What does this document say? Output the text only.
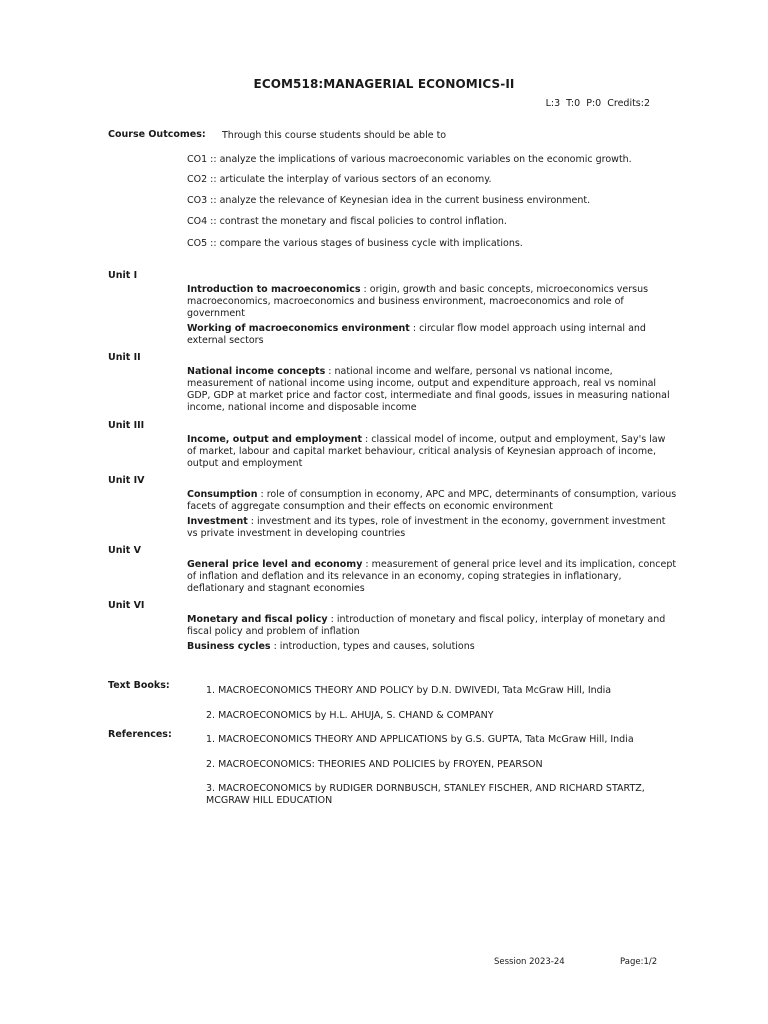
ECOM518:MANAGERIAL ECONOMICS-II
L:3 T:0 P:0 Credits:2
Course Outcomes: Through this course students should be able to
CO1 :: analyze the implications of various macroeconomic variables on the economic growth.
CO2 :: articulate the interplay of various sectors of an economy.
CO3 :: analyze the relevance of Keynesian idea in the current business environment.
CO4 :: contrast the monetary and fiscal policies to control inflation.
CO5 :: compare the various stages of business cycle with implications.
Unit I

Introduction to macroeconomics : origin, growth and basic concepts, microeconomics versus macroeconomics, macroeconomics and business environment, macroeconomics and role of government

Working of macroeconomics environment : circular flow model approach using internal and external sectors

Unit II

National income concepts : national income and welfare, personal vs national income, measurement of national income using income, output and expenditure approach, real vs nominal GDP, GDP at market price and factor cost, intermediate and final goods, issues in measuring national income, national income and disposable income

Unit III

Income, output and employment : classical model of income, output and employment, Say's law of market, labour and capital market behaviour, critical analysis of Keynesian approach of income, output and employment

Unit IV

Consumption : role of consumption in economy, APC and MPC, determinants of consumption, various facets of aggregate consumption and their effects on economic environment

Investment : investment and its types, role of investment in the economy, government investment vs private investment in developing countries

Unit V

General price level and economy : measurement of general price level and its implication, concept of inflation and deflation and its relevance in an economy, coping strategies in inflationary, deflationary and stagnant economies

Unit VI

Monetary and fiscal policy : introduction of monetary and fiscal policy, interplay of monetary and fiscal policy and problem of inflation

Business cycles : introduction, types and causes, solutions

Text Books:	1. MACROECONOMICS THEORY AND POLICY by D.N. DWIVEDI, Tata McGraw Hill, India
2. MACROECONOMICS by H.L. AHUJA, S. CHAND & COMPANY
References:	1. MACROECONOMICS THEORY AND APPLICATIONS by G.S. GUPTA, Tata McGraw Hill, India
2. MACROECONOMICS: THEORIES AND POLICIES by FROYEN, PEARSON
3. MACROECONOMICS by RUDIGER DORNBUSCH, STANLEY FISCHER, AND RICHARD STARTZ, MCGRAW HILL EDUCATION
Session 2023-24	Page:1/2
